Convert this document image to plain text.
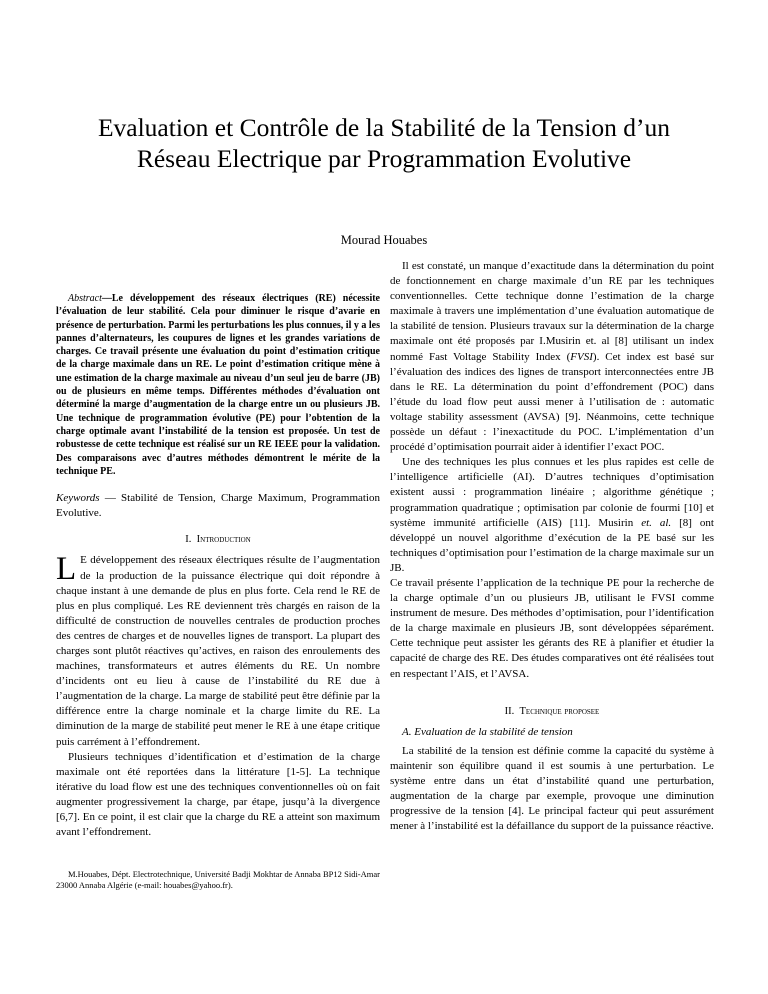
Evaluation et Contrôle de la Stabilité de la Tension d’un Réseau Electrique par Programmation Evolutive

Mourad Houabes

Abstract—Le développement des réseaux électriques (RE) nécessite l’évaluation de leur stabilité. Cela pour diminuer le risque d’avarie en présence de perturbation. Parmi les perturbations les plus connues, il y a les pannes d’alternateurs, les coupures de lignes et les grandes variations de charges. Ce travail présente une évaluation du point d’estimation critique de la charge maximale dans un RE. Le point d’estimation critique mène à une estimation de la charge maximale au niveau d’un seul jeu de barre (JB) ou de plusieurs en même temps. Différentes méthodes d’évaluation ont déterminé la marge d’augmentation de la charge entre un ou plusieurs JB. Une technique de programmation évolutive (PE) pour l’obtention de la charge optimale avant l’instabilité de la tension est proposée. Un test de robustesse de cette technique est réalisé sur un RE IEEE pour la validation. Des comparaisons avec d’autres méthodes démontrent le mérite de la technique PE.

Keywords — Stabilité de Tension, Charge Maximum, Programmation Evolutive.

I. Introduction

L E développement des réseaux électriques résulte de l’augmentation de la production de la puissance électrique qui doit répondre à chaque instant à une demande de plus en plus forte. Cela rend le RE de plus en plus compliqué. Les RE deviennent très chargés en raison de la difficulté de construction de nouvelles centrales de production proches des centres de charges et de nouvelles lignes de transport. La plupart des charges sont plutôt réactives qu’actives, en raison des enroulements des machines, transformateurs et autres éléments du RE. Un nombre d’incidents ont eu lieu à cause de l’instabilité du RE due à l’augmentation de la charge. La marge de stabilité peut être définie par la différence entre la charge nominale et la charge limite du RE. La diminution de la marge de stabilité peut mener le RE à une étape critique puis carrément à l’effondrement.

Plusieurs techniques d’identification et d’estimation de la charge maximale ont été reportées dans la littérature [1-5]. La technique itérative du load flow est une des techniques conventionnelles où on fait augmenter progressivement la charge, par étape, jusqu’à la divergence [6,7]. En ce point, il est clair que la charge du RE a atteint son maximum avant l’effondrement.

M.Houabes, Dépt. Electrotechnique, Université Badji Mokhtar de Annaba BP12 Sidi-Amar 23000 Annaba Algérie (e-mail: houabes@yahoo.fr).

Il est constaté, un manque d’exactitude dans la détermination du point de fonctionnement en charge maximale d’un RE par les techniques conventionnelles. Cette technique donne l’estimation de la charge maximale à travers une implémentation d’une évaluation automatique de la stabilité de tension. Plusieurs travaux sur la détermination de la charge maximale ont été proposés par I.Musirin et. al [8] utilisant un index nommé Fast Voltage Stability Index (FVSI). Cet index est basé sur l’évaluation des indices des lignes de transport interconnectées entre JB dans le RE. La détermination du point d’effondrement (POC) dans l’étude du load flow peut aussi mener à l’utilisation de : automatic voltage stability assessment (AVSA) [9]. Néanmoins, cette technique possède un défaut : l’inexactitude du POC. L’implémentation d’un procédé d’optimisation pourrait aider à identifier l’exact POC.

Une des techniques les plus connues et les plus rapides est celle de l’intelligence artificielle (AI). D’autres techniques d’optimisation existent aussi : programmation linéaire ; algorithme génétique ; programmation quadratique ; optimisation par colonie de fourmi [10] et système immunité artificielle (AIS) [11]. Musirin et. al. [8] ont développé un nouvel algorithme d’exécution de la PE basé sur les techniques d’optimisation pour l’estimation de la charge maximale sur un JB.

Ce travail présente l’application de la technique PE pour la recherche de la charge optimale d’un ou plusieurs JB, utilisant le FVSI comme instrument de mesure. Des méthodes d’optimisation, pour l’identification de la charge maximale en plusieurs JB, sont développées séparément. Cette technique peut assister les gérants des RE à planifier et étudier la capacité de charge des RE. Des études comparatives ont été réalisées tout en respectant l’AIS, et l’AVSA.

II. Technique proposee
A. Evaluation de la stabilité de tension

La stabilité de la tension est définie comme la capacité du système à maintenir son équilibre quand il est soumis à une perturbation. Le système entre dans un état d’instabilité quand une perturbation, augmentation de la charge par exemple, provoque une diminution progressive de la tension [4]. Le principal facteur qui peut assurément mener à l’instabilité est la défaillance du support de la puissance réactive.
